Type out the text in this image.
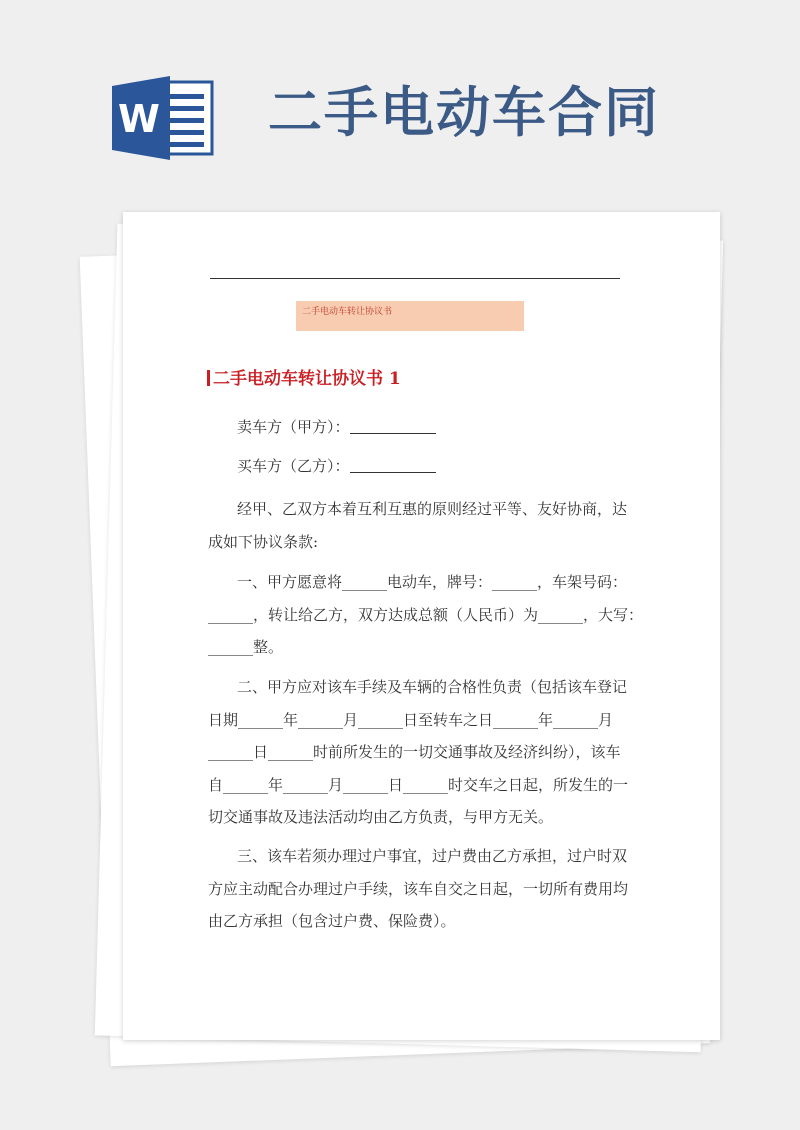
W 二手电动车合同
二手电动车转让协议书
二手电动车转让协议书 1
卖车方（甲方）：
买车方（乙方）：
经甲、乙双方本着互利互惠的原则经过平等、友好协商，达
成如下协议条款:
一、甲方愿意将______电动车，牌号：______，车架号码：
______，转让给乙方，双方达成总额（人民币）为______，大写：
______整。
二、甲方应对该车手续及车辆的合格性负责（包括该车登记
日期______年______月______日至转车之日______年______月
______日______时前所发生的一切交通事故及经济纠纷），该车
自______年______月______日______时交车之日起，所发生的一
切交通事故及违法活动均由乙方负责，与甲方无关。
三、该车若须办理过户事宜，过户费由乙方承担，过户时双
方应主动配合办理过户手续，该车自交之日起，一切所有费用均
由乙方承担（包含过户费、保险费）。
